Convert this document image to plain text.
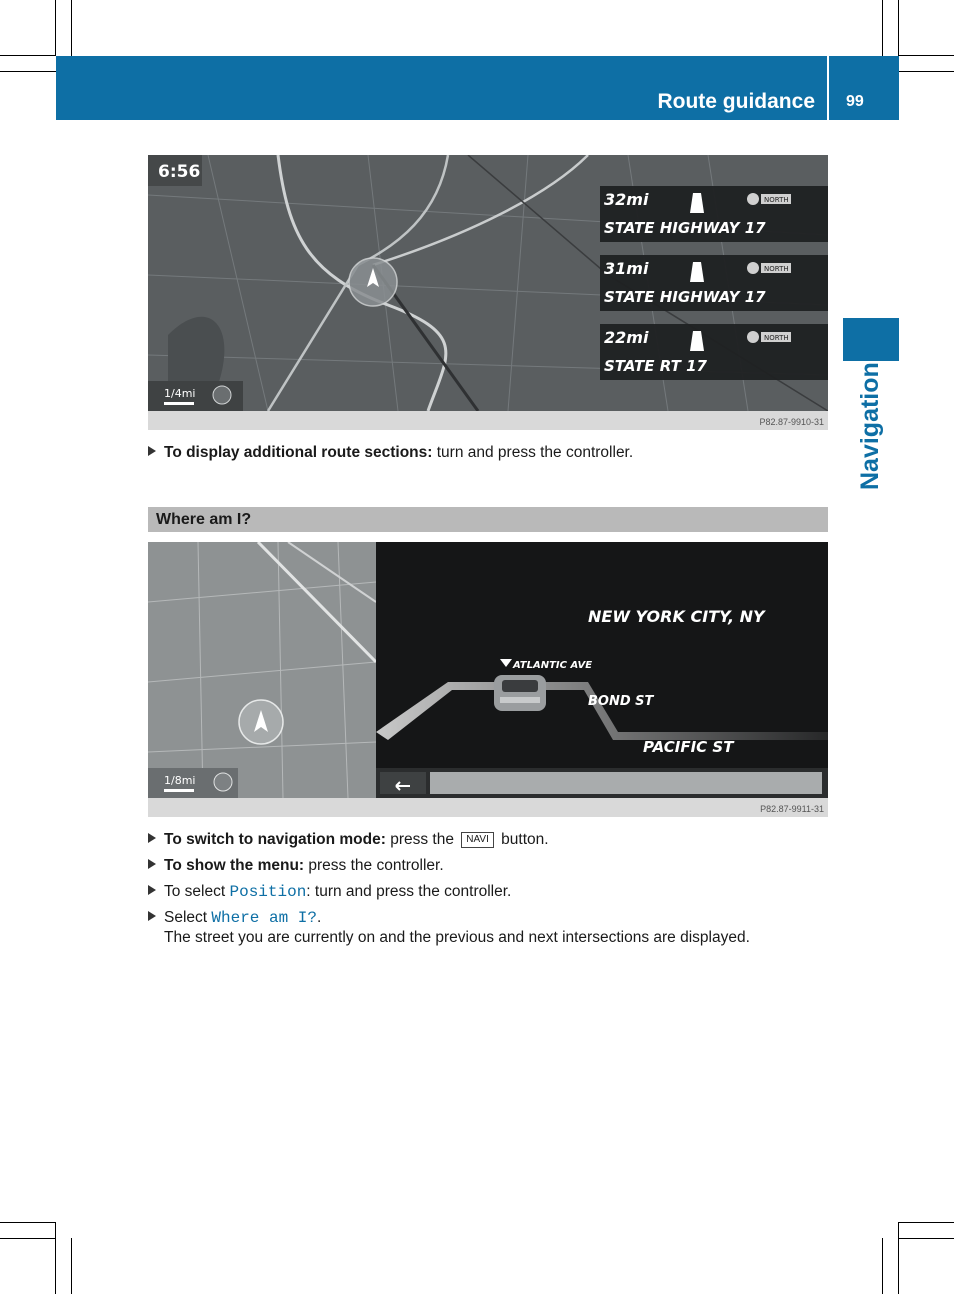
Route guidance 99
Navigation
6:56
1/4mi
32mi
STATE HIGHWAY 17
NORTH
31mi
STATE HIGHWAY 17
NORTH
22mi
STATE RT 17
NORTH
P82.87-9910-31
To display additional route sections: turn and press the controller.
Where am I?
1/8mi
NEW YORK CITY, NY
ATLANTIC AVE
BOND ST
PACIFIC ST
P82.87-9911-31
To switch to navigation mode: press the NAVI button.
To show the menu: press the controller.
To select Position: turn and press the controller.
Select Where am I?.
The street you are currently on and the previous and next intersections are displayed.
